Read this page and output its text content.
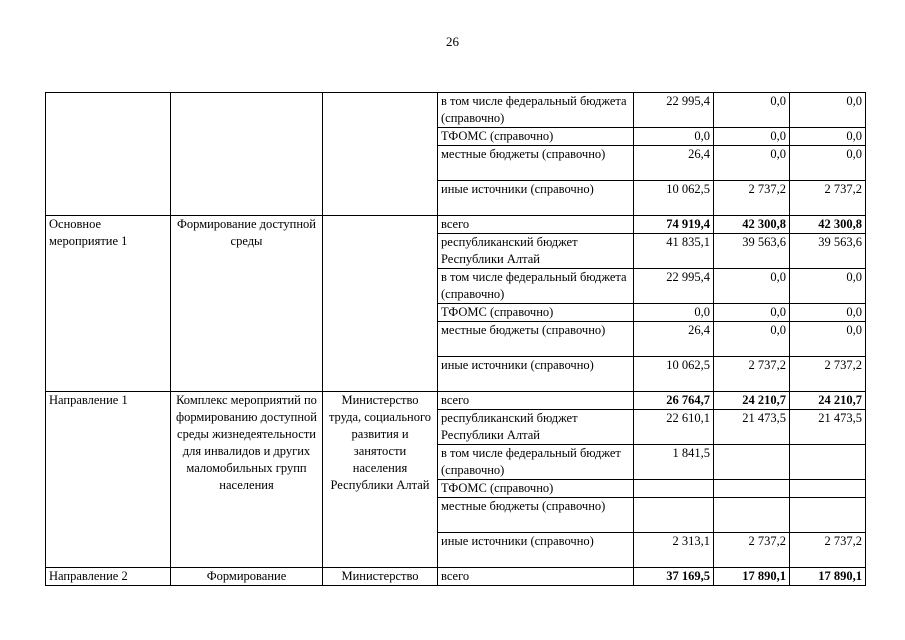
26
			в том числе федеральный бюджета (справочно)	22 995,4	0,0	0,0
			ТФОМС (справочно)	0,0	0,0	0,0
			местные бюджеты (справочно)	26,4	0,0	0,0
			иные источники (справочно)	10 062,5	2 737,2	2 737,2
Основное мероприятие 1	Формирование доступной среды		всего	74 919,4	42 300,8	42 300,8
			республиканский бюджет Республики Алтай	41 835,1	39 563,6	39 563,6
			в том числе федеральный бюджета (справочно)	22 995,4	0,0	0,0
			ТФОМС (справочно)	0,0	0,0	0,0
			местные бюджеты (справочно)	26,4	0,0	0,0
			иные источники (справочно)	10 062,5	2 737,2	2 737,2
Направление 1	Комплекс мероприятий по формированию доступной среды жизнедеятельности для инвалидов и других маломобильных групп населения	Министерство труда, социального развития и занятости населения Республики Алтай	всего	26 764,7	24 210,7	24 210,7
			республиканский бюджет Республики Алтай	22 610,1	21 473,5	21 473,5
			в том числе федеральный бюджет (справочно)	1 841,5		
			ТФОМС (справочно)			
			местные бюджеты (справочно)			
			иные источники (справочно)	2 313,1	2 737,2	2 737,2
Направление 2	Формирование	Министерство	всего	37 169,5	17 890,1	17 890,1
